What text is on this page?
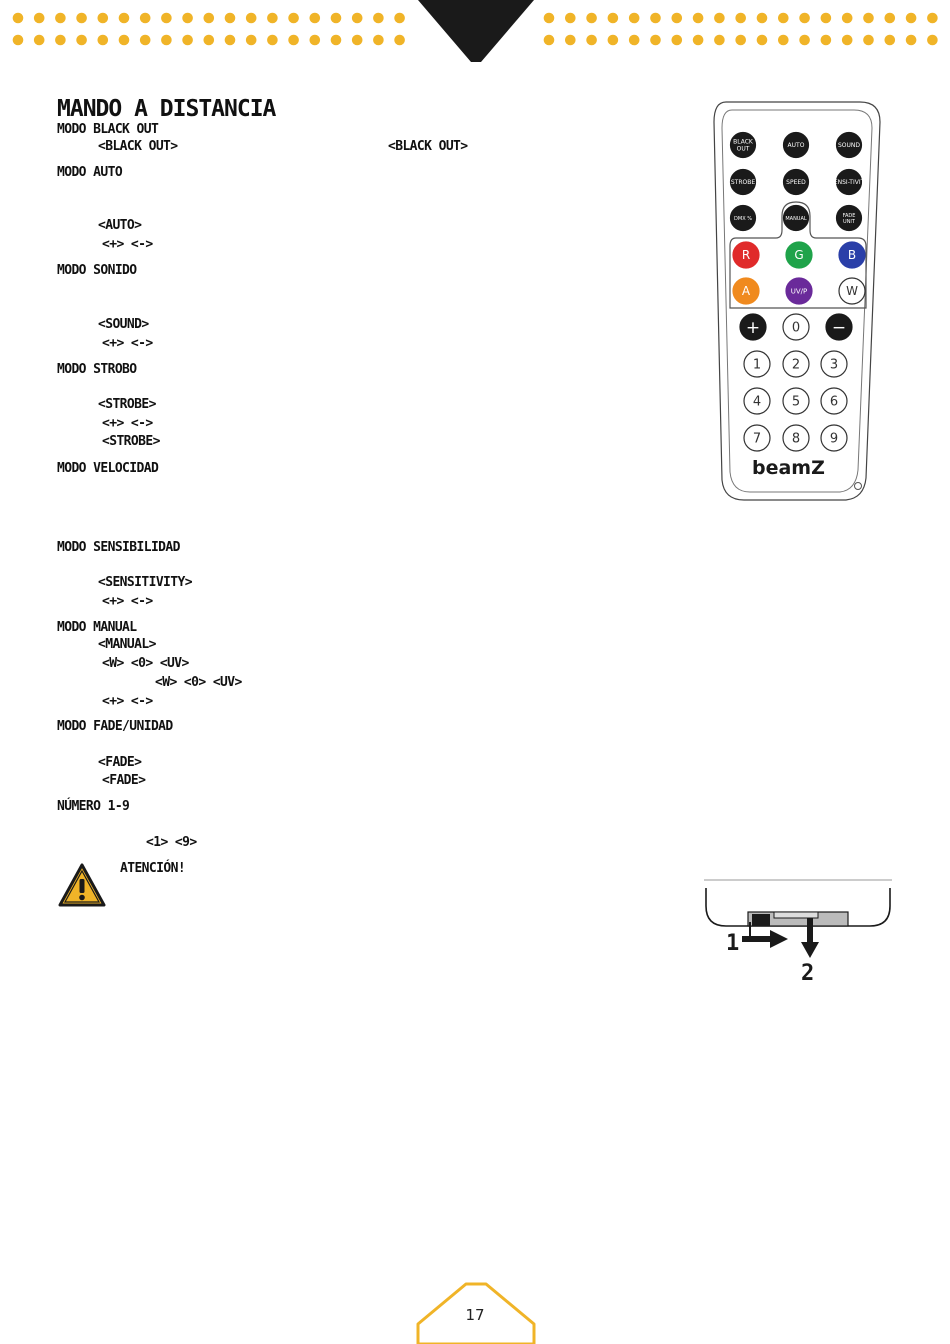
MANDO A DISTANCIA
MODO BLACK OUT
<BLACK OUT>	<BLACK OUT>
MODO AUTO
<AUTO>
<+> <->
MODO SONIDO
<SOUND>
<+> <->
MODO STROBO
<STROBE>
<+> <->
<STROBE>
MODO VELOCIDAD
MODO SENSIBILIDAD
<SENSITIVITY>
<+> <->
MODO MANUAL
<MANUAL>
<W> <0> <UV>
<W> <0> <UV>
<+> <->
MODO FADE/UNIDAD
<FADE>
<FADE>
NÚMERO 1-9
<1> <9>
ATENCIÓN!
BLACK
OUT	AUTO	SOUND
STROBE	SPEED	SENSI-TIVITY
DMX %	MANUAL	FADE
UNIT
R	G	B
A	UV/P	W
+ 0 −
1 2 3
4 5 6
7 8 9
beamZ
1
2
17
